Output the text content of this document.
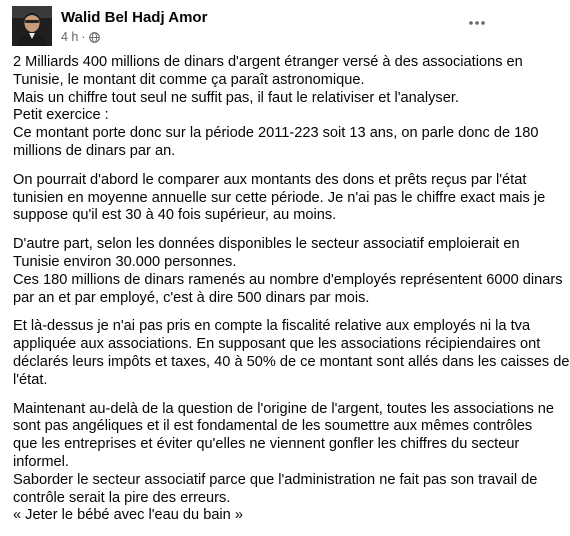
Walid Bel Hadj Amor
4 h ·
2 Milliards 400 millions de dinars d'argent étranger versé à des associations en
Tunisie, le montant dit comme ça paraît astronomique.
Mais un chiffre tout seul ne suffit pas, il faut le relativiser et l'analyser.
Petit exercice :
Ce montant porte donc sur la période 2011-223 soit 13 ans, on parle donc de 180
millions de dinars par an.
On pourrait d'abord le comparer aux montants des dons et prêts reçus par l'état
tunisien en moyenne annuelle sur cette période. Je n'ai pas le chiffre exact mais je
suppose qu'il est 30 à 40 fois supérieur, au moins.
D'autre part, selon les données disponibles le secteur associatif emploierait en
Tunisie environ 30.000 personnes.
Ces 180 millions de dinars ramenés au nombre d'employés représentent 6000 dinars
par an et par employé, c'est à dire 500 dinars par mois.
Et là-dessus je n'ai pas pris en compte la fiscalité relative aux employés ni la tva
appliquée aux associations. En supposant que les associations récipiendaires ont
déclarés leurs impôts et taxes, 40 à 50% de ce montant sont allés dans les caisses de
l'état.
Maintenant au-delà de la question de l'origine de l'argent, toutes les associations ne
sont pas angéliques et il est fondamental de les soumettre aux mêmes contrôles
que les entreprises et éviter qu'elles ne viennent gonfler les chiffres du secteur
informel.
Saborder le secteur associatif parce que l'administration ne fait pas son travail de
contrôle serait la pire des erreurs.
« Jeter le bébé avec l'eau du bain »
